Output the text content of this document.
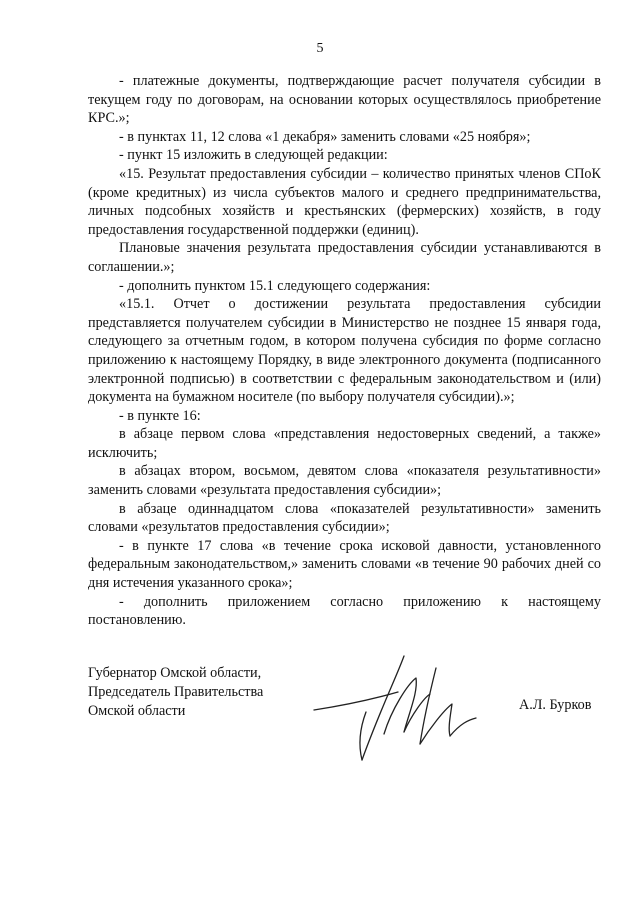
5

- платежные документы, подтверждающие расчет получателя субсидии в текущем году по договорам, на основании которых осуществлялось приобретение КРС.»;

- в пунктах 11, 12 слова «1 декабря» заменить словами «25 ноября»;

- пункт 15 изложить в следующей редакции:

«15. Результат предоставления субсидии – количество принятых членов СПоК (кроме кредитных) из числа субъектов малого и среднего предпринимательства, личных подсобных хозяйств и крестьянских (фермерских) хозяйств, в году предоставления государственной поддержки (единиц).

Плановые значения результата предоставления субсидии устанавливаются в соглашении.»;

- дополнить пунктом 15.1 следующего содержания:

«15.1. Отчет о достижении результата предоставления субсидии представляется получателем субсидии в Министерство не позднее 15 января года, следующего за отчетным годом, в котором получена субсидия по форме согласно приложению к настоящему Порядку, в виде электронного документа (подписанного электронной подписью) в соответствии с федеральным законодательством и (или) документа на бумажном носителе (по выбору получателя субсидии).»;

- в пункте 16:

в абзаце первом слова «представления недостоверных сведений, а также» исключить;

в абзацах втором, восьмом, девятом слова «показателя результативности» заменить словами «результата предоставления субсидии»;

в абзаце одиннадцатом слова «показателей результативности» заменить словами «результатов предоставления субсидии»;

- в пункте 17 слова «в течение срока исковой давности, установленного федеральным законодательством,» заменить словами «в течение 90 рабочих дней со дня истечения указанного срока»;

- дополнить приложением согласно приложению к настоящему постановлению.

Губернатор Омской области,
Председатель Правительства
Омской области	А.Л. Бурков
